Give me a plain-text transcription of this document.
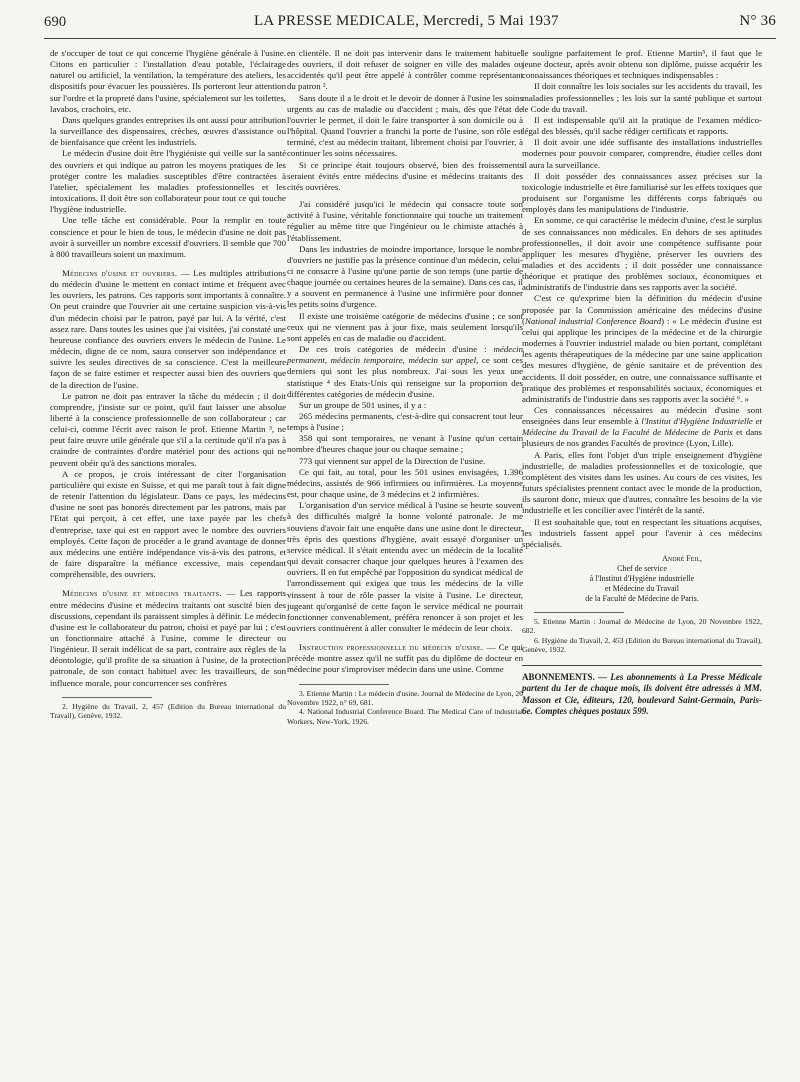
690	LA PRESSE MEDICALE, Mercredi, 5 Mai 1937	N° 36

de s'occuper de tout ce qui concerne l'hygiène générale à l'usine. Citons en particulier : l'installation d'eau potable, l'éclairage naturel ou artificiel, la ventilation, la température des ateliers, les dispositifs pour évacuer les poussières. Ils porteront leur attention sur l'ordre et la propreté dans l'usine, spécialement sur les toilettes, lavabos, crachoirs, etc.

Dans quelques grandes entreprises ils ont aussi pour attribution la surveillance des dispensaires, crèches, œuvres d'assistance ou de bienfaisance que créent les industriels.

Le médecin d'usine doit être l'hygiéniste qui veille sur la santé des ouvriers et qui indique au patron les moyens pratiques de les protéger contre les maladies susceptibles d'être contractées à l'atelier, spécialement les maladies professionnelles et les intoxications. Il doit être son collaborateur pour tout ce qui touche l'hygiène industrielle.

Une telle tâche est considérable. Pour la remplir en toute conscience et pour le bien de tous, le médecin d'usine ne doit pas avoir à surveiller un nombre excessif d'ouvriers. Il semble que 700 à 800 travailleurs soient un maximum.

Médecins d'usine et ouvriers. — Les multiples attributions du médecin d'usine le mettent en contact intime et fréquent avec les ouvriers, les patrons. Ces rapports sont importants à connaître. On peut craindre que l'ouvrier ait une certaine suspicion vis-à-vis d'un médecin choisi par le patron, payé par lui. A la vérité, c'est assez rare. Dans toutes les usines que j'ai visitées, j'ai constaté une heureuse confiance des ouvriers envers le médecin de l'usine. Le médecin, digne de ce nom, saura conserver son indépendance et suivre les seules directives de sa conscience. C'est la meilleure façon de se faire estimer et respecter aussi bien des ouvriers que de la direction de l'usine.

Le patron ne doit pas entraver la tâche du médecin ; il doit comprendre, j'insiste sur ce point, qu'il faut laisser une absolue liberté à la conscience professionnelle de son collaborateur ; car celui-ci, comme l'écrit avec raison le prof. Etienne Martin ³, ne peut faire œuvre utile générale que s'il a la certitude qu'il n'a pas à craindre de contraintes d'ordre matériel pour des actions qui ne peuvent obéir qu'à des sanctions morales.

A ce propos, je crois intéressant de citer l'organisation particulière qui existe en Suisse, et qui me paraît tout à fait digne de retenir l'attention du législateur. Dans ce pays, les médecins d'usine ne sont pas honorés directement par les patrons, mais par l'Etat qui perçoit, à cet effet, une taxe payée par les chefs d'entreprise, taxe qui est en rapport avec le nombre des ouvriers employés. Cette façon de procéder a le grand avantage de donner aux médecins une entière indépendance vis-à-vis des patrons, et de faire disparaître la méfiance excessive, mais cependant compréhensible, des ouvriers.

Médecins d'usine et médecins traitants. — Les rapports entre médecins d'usine et médecins traitants ont suscité bien des discussions, cependant ils paraissent simples à définir. Le médecin d'usine est le collaborateur du patron, choisi et payé par lui ; c'est un fonctionnaire attaché à l'usine, comme le directeur ou l'ingénieur. Il serait indélicat de sa part, contraire aux règles de la déontologie, qu'il profite de sa situation à l'usine, de la protection patronale, de son contact habituel avec les travailleurs, de son influence morale, pour concurrencer ses confrères

2. Hygiène du Travail, 2, 457 (Edition du Bureau international du Travail), Genève, 1932.

en clientèle. Il ne doit pas intervenir dans le traitement habituel des ouvriers, il doit refuser de soigner en ville des malades ou accidentés qu'il peut être appelé à contrôler comme représentant du patron ².

Sans doute il a le droit et le devoir de donner à l'usine les soins urgents au cas de maladie ou d'accident ; mais, dès que l'état de l'ouvrier le permet, il doit le faire transporter à son domicile ou à l'hôpital. Quand l'ouvrier a franchi la porte de l'usine, son rôle est terminé, c'est au médecin traitant, librement choisi par l'ouvrier, à continuer les soins nécessaires.

Si ce principe était toujours observé, bien des froissements seraient évités entre médecins d'usine et médecins traitants des cités ouvrières.

J'ai considéré jusqu'ici le médecin qui consacre toute son activité à l'usine, véritable fonctionnaire qui touche un traitement régulier au même titre que l'ingénieur ou le chimiste attachés à l'établissement.

Dans les industries de moindre importance, lorsque le nombre d'ouvriers ne justifie pas la présence continue d'un médecin, celui-ci ne consacre à l'usine qu'une partie de son temps (une partie de chaque journée ou certaines heures de la semaine). Dans ces cas, il y a souvent en permanence à l'usine une infirmière pour donner les petits soins d'urgence.

Il existe une troisième catégorie de médecins d'usine ; ce sont ceux qui ne viennent pas à jour fixe, mais seulement lorsqu'ils sont appelés en cas de maladie ou d'accident.

De ces trois catégories de médecin d'usine : médecin permanent, médecin temporaire, médecin sur appel, ce sont ces derniers qui sont les plus nombreux. J'ai sous les yeux une statistique ⁴ des Etats-Unis qui renseigne sur la proportion des différentes catégories de médecin d'usine.

Sur un groupe de 501 usines, il y a :

265 médecins permanents, c'est-à-dire qui consacrent tout leur temps à l'usine ;

358 qui sont temporaires, ne venant à l'usine qu'un certain nombre d'heures chaque jour ou chaque semaine ;

773 qui viennent sur appel de la Direction de l'usine.

Ce qui fait, au total, pour les 501 usines envisagées, 1.396 médecins, assistés de 966 infirmiers ou infirmières. La moyenne est, pour chaque usine, de 3 médecins et 2 infirmières.

L'organisation d'un service médical à l'usine se heurte souvent à des difficultés malgré la bonne volonté patronale. Je me souviens d'avoir fait une enquête dans une usine dont le directeur, très épris des questions d'hygiène, avait essayé d'organiser un service médical. Il s'était entendu avec un médecin de la localité qui devait consacrer chaque jour quelques heures à l'examen des ouvriers. Il en fut empêché par l'opposition du syndicat médical de l'arrondissement qui exigea que tous les médecins de la ville vinssent à tour de rôle passer la visite à l'usine. Le directeur, jugeant qu'organisé de cette façon le service médical ne pourrait fonctionner convenablement, préféra renoncer à son projet et les ouvriers continuèrent à aller consulter le médecin de leur choix.

Instruction professionnelle du médecin d'usine. — Ce qui précède montre assez qu'il ne suffit pas du diplôme de docteur en médecine pour s'improviser médecin dans une usine. Comme

3. Etienne Martin : Le médecin d'usine. Journal de Médecine de Lyon, 20 Novembre 1922, n° 69, 681.

4. National Industrial Conference Board. The Medical Care of industrial Workers, New-York, 1926.

le souligne parfaitement le prof. Etienne Martin⁵, il faut que le jeune docteur, après avoir obtenu son diplôme, puisse acquérir les connaissances théoriques et techniques indispensables :

Il doit connaître les lois sociales sur les accidents du travail, les maladies professionnelles ; les lois sur la santé publique et surtout le Code du travail.

Il est indispensable qu'il ait la pratique de l'examen médico-légal des blessés, qu'il sache rédiger certificats et rapports.

Il doit avoir une idée suffisante des installations industrielles modernes pour pouvoir comparer, comprendre, étudier celles dont il aura la surveillance.

Il doit posséder des connaissances assez précises sur la toxicologie industrielle et être familiarisé sur les effets toxiques que produisent sur l'organisme les différents corps fabriqués ou employés dans les manipulations de l'industrie.

En somme, ce qui caractérise le médecin d'usine, c'est le surplus de ses connaissances non médicales. En dehors de ses aptitudes professionnelles, il doit avoir une compétence suffisante pour appliquer les mesures d'hygiène, préserver les ouvriers des maladies et des accidents ; il doit posséder une connaissance théorique et pratique des problèmes sociaux, économiques et administratifs de l'industrie dans ses rapports avec la société.

C'est ce qu'exprime bien la définition du médecin d'usine proposée par la Commission américaine des médecins d'usine (National industrial Conference Board) : « Le médecin d'usine est celui qui applique les principes de la médecine et de la chirurgie modernes à l'ouvrier industriel malade ou bien portant, complétant les agents thérapeutiques de la médecine par une saine application des mesures d'hygiène, de génie sanitaire et de prévention des accidents. Il doit posséder, en outre, une connaissance suffisante et pratique des problèmes et responsabilités sociaux, économiques et administratifs de l'industrie dans ses rapports avec la société ⁶. »

Ces connaissances nécessaires au médecin d'usine sont enseignées dans leur ensemble à l'Institut d'Hygiène Industrielle et Médecine du Travail de la Faculté de Médecine de Paris et dans plusieurs de nos grandes Facultés de province (Lyon, Lille).

A Paris, elles font l'objet d'un triple enseignement d'hygiène industrielle, de maladies professionnelles et de toxicologie, que complètent des visites dans les usines. Au cours de ces visites, les futurs spécialistes prennent contact avec le monde de la production, ils sauront donc, mieux que d'autres, connaître les besoins de la vie industrielle et les concilier avec l'intérêt de la santé.

Il est souhaitable que, tout en respectant les situations acquises, les industriels fassent appel pour l'avenir à ces médecins spécialisés.

André Feil,
Chef de service
à l'Institut d'Hygiène industrielle
et Médecine du Travail
de la Faculté de Médecine de Paris.

5. Etienne Martin : Journal de Médecine de Lyon, 20 Novembre 1922, 682.

6. Hygiène du Travail, 2, 453 (Edition du Bureau international du Travail), Genève, 1932.

ABONNEMENTS. — Les abonnements à La Presse Médicale partent du 1er de chaque mois, ils doivent être adressés à MM. Masson et Cie, éditeurs, 120, boulevard Saint-Germain, Paris-6e. Comptes chèques postaux 599.
